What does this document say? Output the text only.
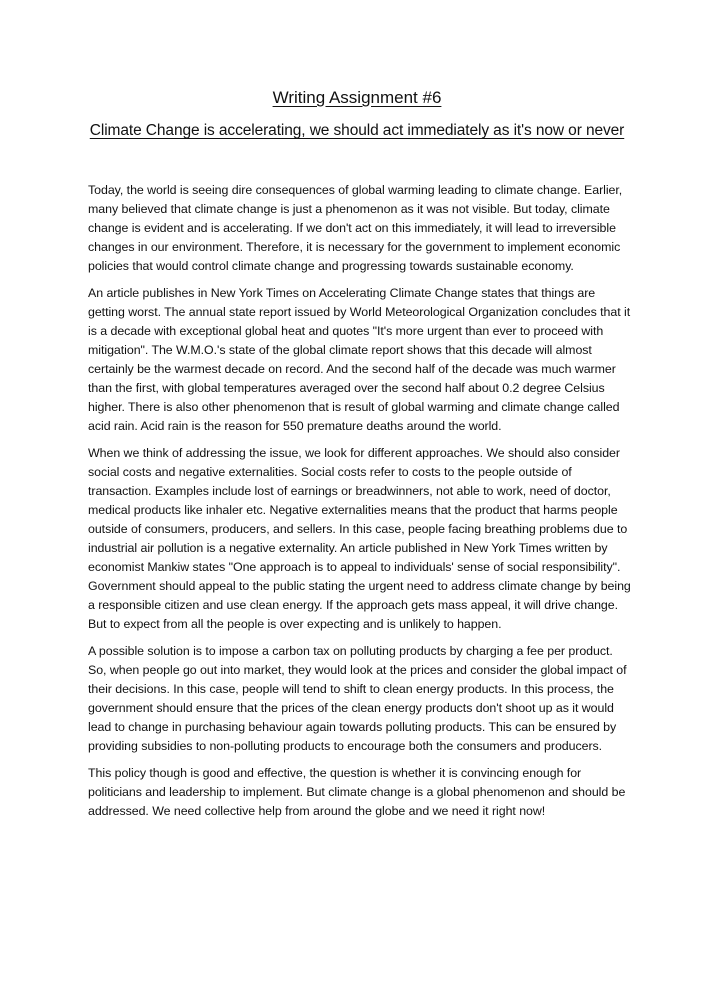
Writing Assignment #6
Climate Change is accelerating, we should act immediately as it's now or never

Today, the world is seeing dire consequences of global warming leading to climate change. Earlier, many believed that climate change is just a phenomenon as it was not visible. But today, climate change is evident and is accelerating. If we don't act on this immediately, it will lead to irreversible changes in our environment. Therefore, it is necessary for the government to implement economic policies that would control climate change and progressing towards sustainable economy.

An article publishes in New York Times on Accelerating Climate Change states that things are getting worst. The annual state report issued by World Meteorological Organization concludes that it is a decade with exceptional global heat and quotes "It's more urgent than ever to proceed with mitigation". The W.M.O.'s state of the global climate report shows that this decade will almost certainly be the warmest decade on record. And the second half of the decade was much warmer than the first, with global temperatures averaged over the second half about 0.2 degree Celsius higher. There is also other phenomenon that is result of global warming and climate change called acid rain. Acid rain is the reason for 550 premature deaths around the world.

When we think of addressing the issue, we look for different approaches. We should also consider social costs and negative externalities. Social costs refer to costs to the people outside of transaction. Examples include lost of earnings or breadwinners, not able to work, need of doctor, medical products like inhaler etc. Negative externalities means that the product that harms people outside of consumers, producers, and sellers. In this case, people facing breathing problems due to industrial air pollution is a negative externality. An article published in New York Times written by economist Mankiw states "One approach is to appeal to individuals' sense of social responsibility". Government should appeal to the public stating the urgent need to address climate change by being a responsible citizen and use clean energy. If the approach gets mass appeal, it will drive change. But to expect from all the people is over expecting and is unlikely to happen.

A possible solution is to impose a carbon tax on polluting products by charging a fee per product. So, when people go out into market, they would look at the prices and consider the global impact of their decisions. In this case, people will tend to shift to clean energy products. In this process, the government should ensure that the prices of the clean energy products don't shoot up as it would lead to change in purchasing behaviour again towards polluting products. This can be ensured by providing subsidies to non-polluting products to encourage both the consumers and producers.

This policy though is good and effective, the question is whether it is convincing enough for politicians and leadership to implement. But climate change is a global phenomenon and should be addressed. We need collective help from around the globe and we need it right now!
